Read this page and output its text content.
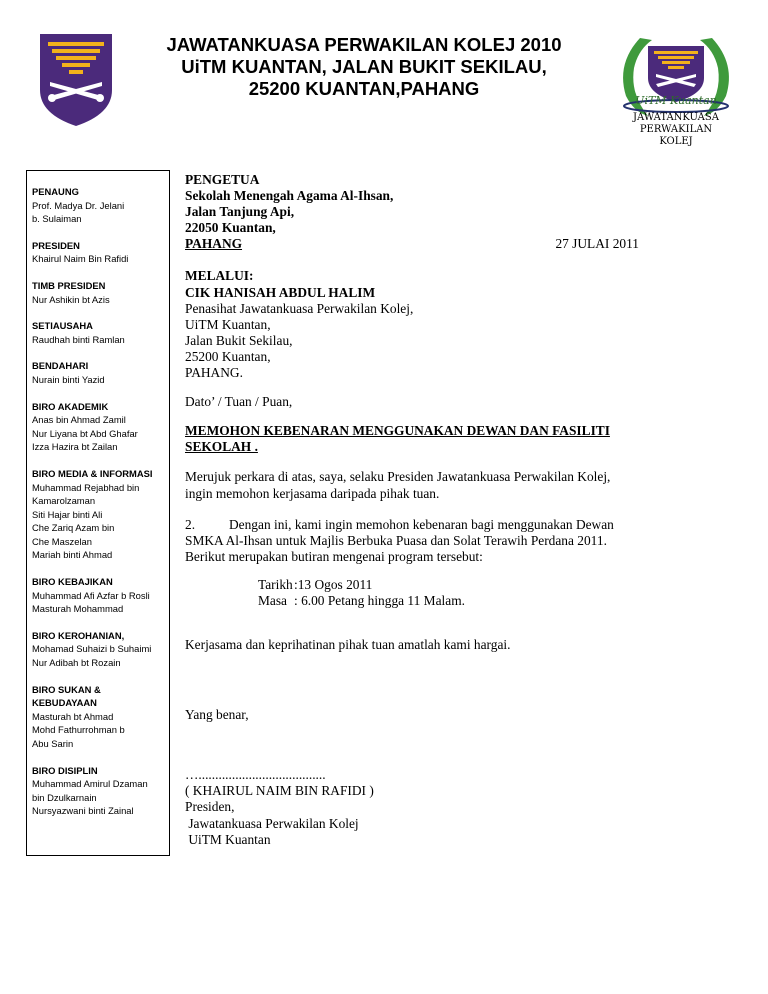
JAWATANKUASA PERWAKILAN KOLEJ 2010
UiTM KUANTAN, JALAN BUKIT SEKILAU,
25200 KUANTAN,PAHANG
UiTM Kuantan
JAWATANKUASA
PERWAKILAN
KOLEJ
PENAUNG
Prof. Madya Dr. Jelani
b. Sulaiman
PRESIDEN
Khairul Naim Bin Rafidi
TIMB PRESIDEN
Nur Ashikin bt Azis
SETIAUSAHA
Raudhah binti Ramlan
BENDAHARI
Nurain binti Yazid
BIRO AKADEMIK
Anas bin Ahmad Zamil
Nur Liyana bt Abd Ghafar
Izza Hazira bt Zailan
BIRO MEDIA & INFORMASI
Muhammad Rejabhad bin
Kamarolzaman
Siti Hajar binti Ali
Che Zariq Azam bin
Che Maszelan
Mariah binti Ahmad
BIRO KEBAJIKAN
Muhammad Afi Azfar b Rosli
Masturah Mohammad
BIRO KEROHANIAN,
Mohamad Suhaizi b Suhaimi
Nur Adibah bt Rozain
BIRO SUKAN & KEBUDAYAAN
Masturah bt Ahmad
Mohd Fathurrohman b
Abu Sarin
BIRO DISIPLIN
Muhammad Amirul Dzaman
bin Dzulkarnain
Nursyazwani binti Zainal
PENGETUA
Sekolah Menengah Agama Al-Ihsan,
Jalan Tanjung Api,
22050 Kuantan,
PAHANG	27 JULAI 2011
MELALUI:
CIK HANISAH ABDUL HALIM
Penasihat Jawatankuasa Perwakilan Kolej,
UiTM Kuantan,
Jalan Bukit Sekilau,
25200 Kuantan,
PAHANG.
Dato’ / Tuan / Puan,
MEMOHON KEBENARAN MENGGUNAKAN DEWAN DAN FASILITI
SEKOLAH .
Merujuk perkara di atas, saya, selaku Presiden Jawatankuasa Perwakilan Kolej,
ingin memohon kerjasama daripada pihak tuan.
2.	Dengan ini, kami ingin memohon kebenaran bagi menggunakan Dewan
SMKA Al-Ihsan untuk Majlis Berbuka Puasa dan Solat Terawih Perdana 2011.
Berikut merupakan butiran mengenai program tersebut:
Tarikh:13 Ogos 2011
Masa : 6.00 Petang hingga 11 Malam.
Kerjasama dan keprihatinan pihak tuan amatlah kami hargai.
Yang benar,
…......................................
( KHAIRUL NAIM BIN RAFIDI )
Presiden,
Jawatankuasa Perwakilan Kolej
UiTM Kuantan
